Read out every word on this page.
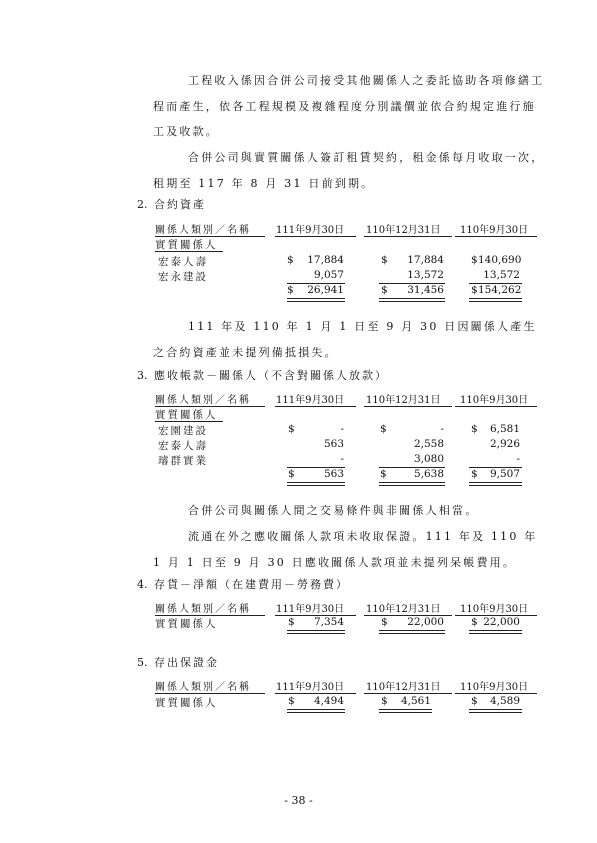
工程收入係因合併公司接受其他關係人之委託協助各項修繕工程而產生，依各工程規模及複雜程度分別議價並依合約規定進行施工及收款。

合併公司與實質關係人簽訂租賃契約，租金係每月收取一次，租期至 117 年 8 月 31 日前到期。

2. 合約資產
關係人類別／名稱	111年9月30日 110年12月31日 110年9月30日
實質關係人
宏泰人壽	$	17,884	$	17,884	$ 140,690
宏永建設	9,057	13,572	13,572
$	26,941	$	31,456	$ 154,262

111 年及 110 年 1 月 1 日至 9 月 30 日因關係人產生之合約資產並未提列備抵損失。

3. 應收帳款－關係人（不含對關係人放款）
關係人類別／名稱	111年9月30日 110年12月31日 110年9月30日
實質關係人
宏園建設	$	-	$	-	$	6,581
宏泰人壽	563	2,558	2,926
璿群實業	-	3,080	-
$	563	$	5,638	$	9,507

合併公司與關係人間之交易條件與非關係人相當。

流通在外之應收關係人款項未收取保證。111 年及 110 年 1 月 1 日至 9 月 30 日應收關係人款項並未提列呆帳費用。

4. 存貨－淨額（在建費用－勞務費）
關係人類別／名稱	111年9月30日 110年12月31日 110年9月30日
實質關係人	$	7,354	$	22,000	$ 22,000
5. 存出保證金
關係人類別／名稱	111年9月30日 110年12月31日 110年9月30日
實質關係人	$	4,494	$	4,561	$	4,589
- 38 -
